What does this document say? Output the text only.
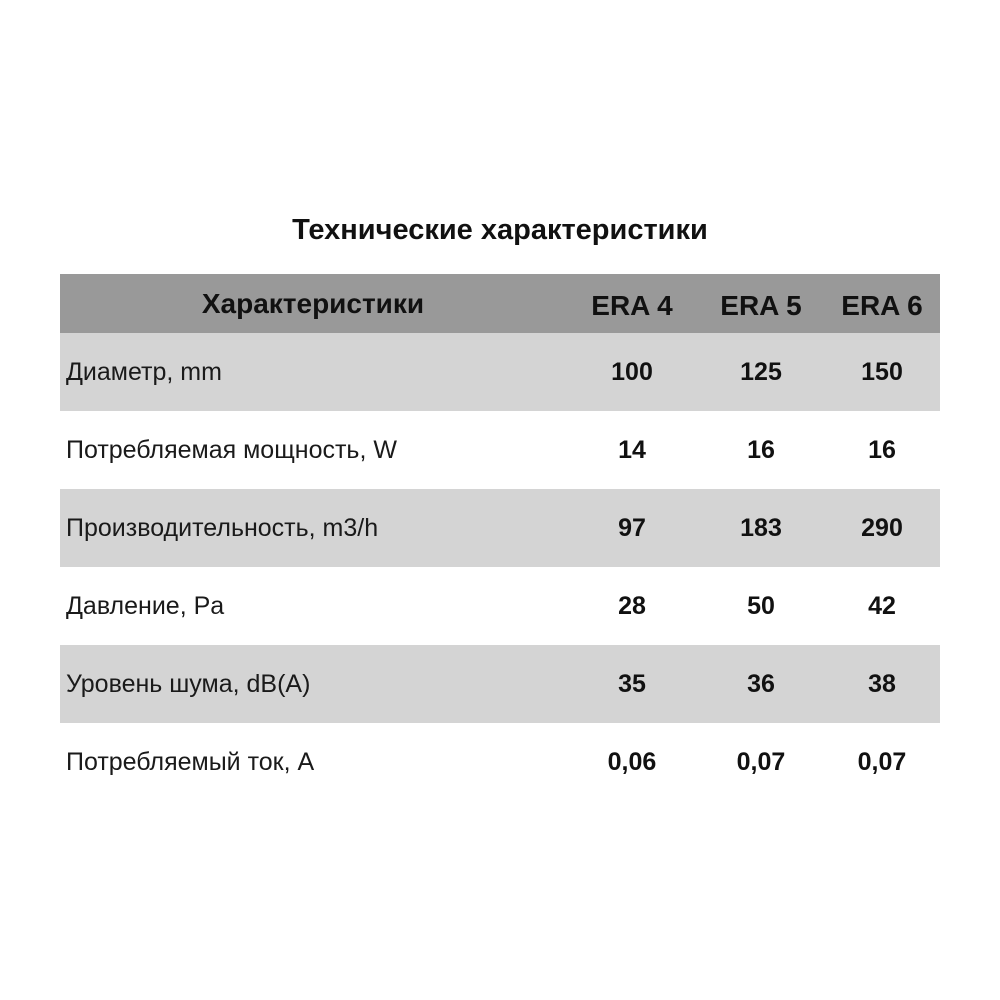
Технические характеристики
Характеристики	ERA 4	ERA 5	ERA 6
Диаметр, mm	100	125	150
Потребляемая мощность, W	14	16	16
Производительность, m3/h	97	183	290
Давление, Pa	28	50	42
Уровень шума, dB(A)	35	36	38
Потребляемый ток, А	0,06	0,07	0,07
